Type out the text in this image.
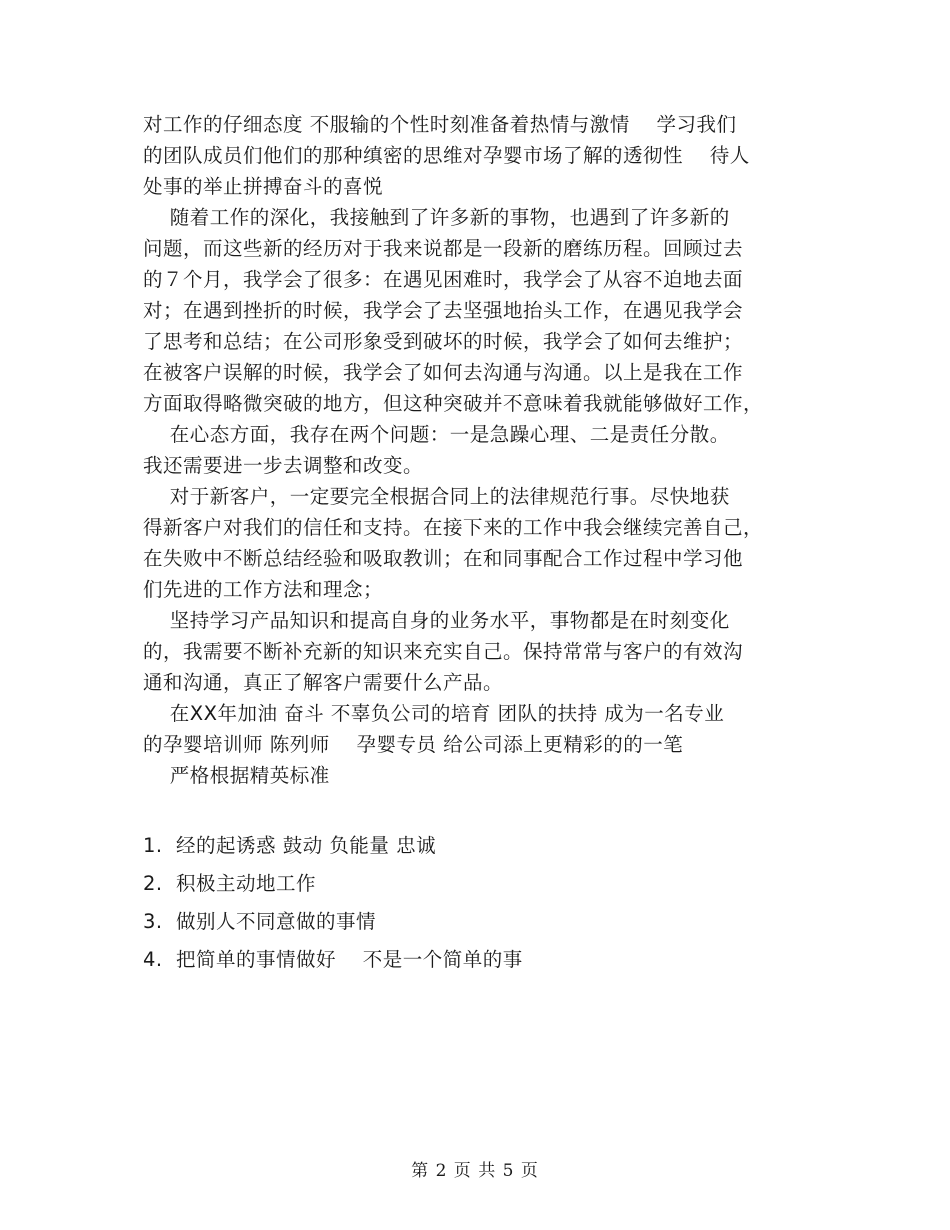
对工作的仔细态度 不服输的个性时刻准备着热情与激情    学习我们
的团队成员们他们的那种缜密的思维对孕婴市场了解的透彻性    待人
处事的举止拼搏奋斗的喜悦
随着工作的深化，我接触到了许多新的事物，也遇到了许多新的
问题，而这些新的经历对于我来说都是一段新的磨练历程。回顾过去
的７个月，我学会了很多：在遇见困难时，我学会了从容不迫地去面
对；在遇到挫折的时候，我学会了去坚强地抬头工作，在遇见我学会
了思考和总结；在公司形象受到破坏的时候，我学会了如何去维护；
在被客户误解的时候，我学会了如何去沟通与沟通。以上是我在工作
方面取得略微突破的地方，但这种突破并不意味着我就能够做好工作，
在心态方面，我存在两个问题：一是急躁心理、二是责任分散。
我还需要进一步去调整和改变。
对于新客户，一定要完全根据合同上的法律规范行事。尽快地获
得新客户对我们的信任和支持。在接下来的工作中我会继续完善自己，
在失败中不断总结经验和吸取教训；在和同事配合工作过程中学习他
们先进的工作方法和理念；
坚持学习产品知识和提高自身的业务水平，事物都是在时刻变化
的，我需要不断补充新的知识来充实自己。保持常常与客户的有效沟
通和沟通，真正了解客户需要什么产品。
在XX年加油 奋斗 不辜负公司的培育 团队的扶持 成为一名专业
的孕婴培训师 陈列师    孕婴专员 给公司添上更精彩的的一笔
严格根据精英标准
1.  经的起诱惑 鼓动 负能量 忠诚
2.  积极主动地工作
3.  做别人不同意做的事情
4.  把简单的事情做好    不是一个简单的事
第 2 页 共 5 页
